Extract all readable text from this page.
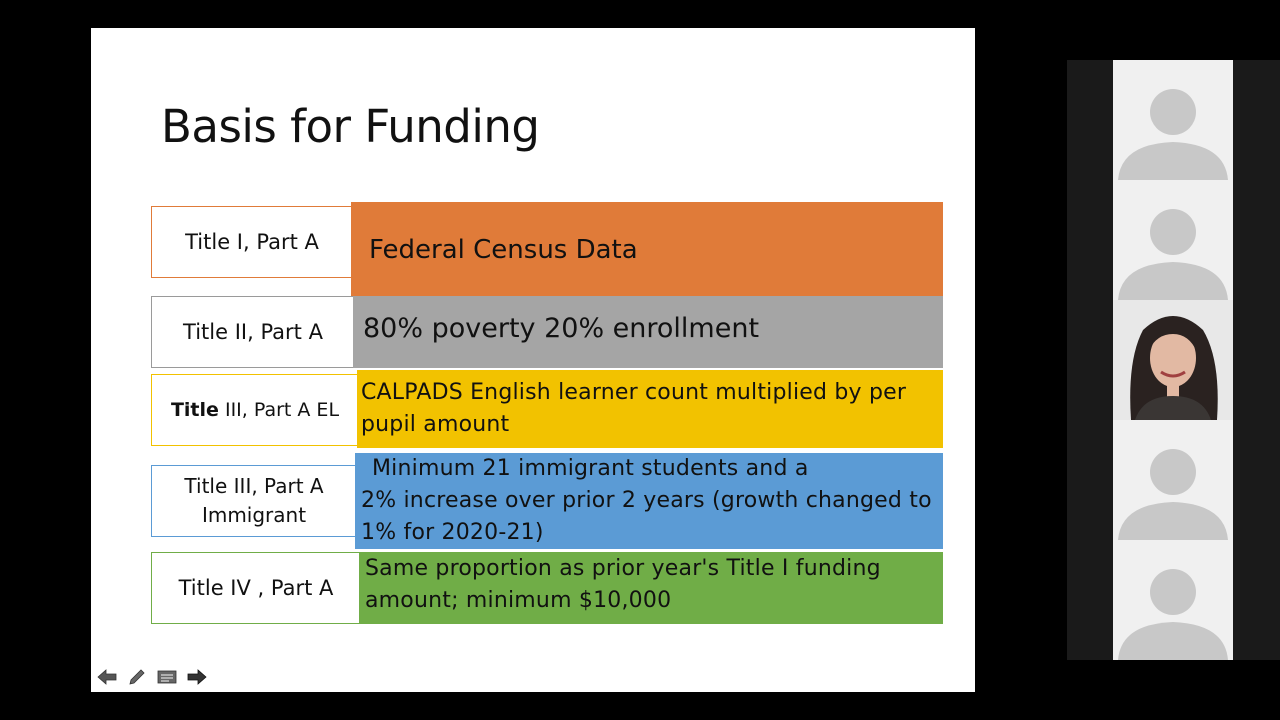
Basis for Funding
Title I, Part A	Federal Census Data
Title II, Part A	80% poverty 20% enrollment
Title III, Part A EL
CALPADS English learner count multiplied by per pupil amount
Title III, Part A
Immigrant
Minimum 21 immigrant students and a
2% increase over prior 2 years (growth changed to 1% for 2020-21)
Title IV , Part A
Same proportion as prior year's Title I funding amount; minimum $10,000
